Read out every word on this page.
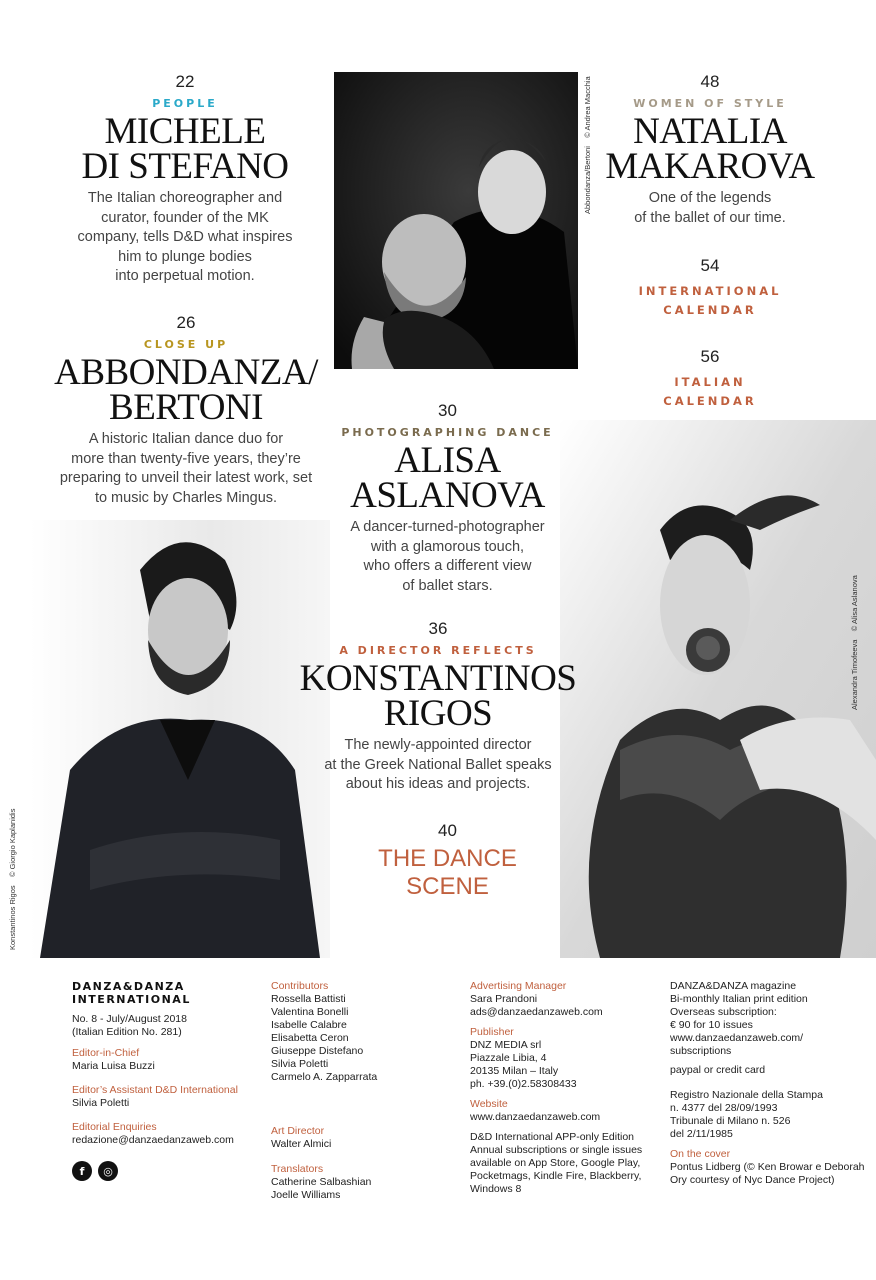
Abbondanza/Bertoni    © Andrea Macchia
Konstantinos Rigos    © Giorgio Kaplanidis
Alexandra Timofeeva    © Alisa Aslanova
22
PEOPLE
MICHELE
DI STEFANO
The Italian choreographer and
curator, founder of the MK
company, tells D&D what inspires
him to plunge bodies
into perpetual motion.
26
CLOSE UP
ABBONDANZA/
BERTONI
A historic Italian dance duo for
more than twenty-five years, they’re
preparing to unveil their latest work, set
to music by Charles Mingus.
30
PHOTOGRAPHING DANCE
ALISA
ASLANOVA
A dancer-turned-photographer
with a glamorous touch,
who offers a different view
of ballet stars.
36
A DIRECTOR REFLECTS
KONSTANTINOS
RIGOS
The newly-appointed director
at the Greek National Ballet speaks
about his ideas and projects.
40
THE DANCE
SCENE
48
WOMEN OF STYLE
NATALIA
MAKAROVA
One of the legends
of the ballet of our time.
54
INTERNATIONAL
CALENDAR
56
ITALIAN
CALENDAR
DANZA&DANZA
INTERNATIONAL
No. 8 - July/August 2018
(Italian Edition No. 281)
Editor-in-Chief
Maria Luisa Buzzi
Editor’s Assistant D&D International
Silvia Poletti
Editorial Enquiries
redazione@danzaedanzaweb.com
f ◎
Contributors
Rossella Battisti
Valentina Bonelli
Isabelle Calabre
Elisabetta Ceron
Giuseppe Distefano
Silvia Poletti
Carmelo A. Zapparrata
Art Director
Walter Almici
Translators
Catherine Salbashian
Joelle Williams
Advertising Manager
Sara Prandoni
ads@danzaedanzaweb.com
Publisher
DNZ MEDIA srl
Piazzale Libia, 4
20135 Milan – Italy
ph. +39.(0)2.58308433
Website
www.danzaedanzaweb.com
D&D International APP-only Edition
Annual subscriptions or single issues
available on App Store, Google Play,
Pocketmags, Kindle Fire, Blackberry,
Windows 8
DANZA&DANZA magazine
Bi-monthly Italian print edition
Overseas subscription:
€ 90 for 10 issues
www.danzaedanzaweb.com/
subscriptions
paypal or credit card
Registro Nazionale della Stampa
n. 4377 del 28/09/1993
Tribunale di Milano n. 526
del 2/11/1985
On the cover
Pontus Lidberg (© Ken Browar e Deborah
Ory courtesy of Nyc Dance Project)
